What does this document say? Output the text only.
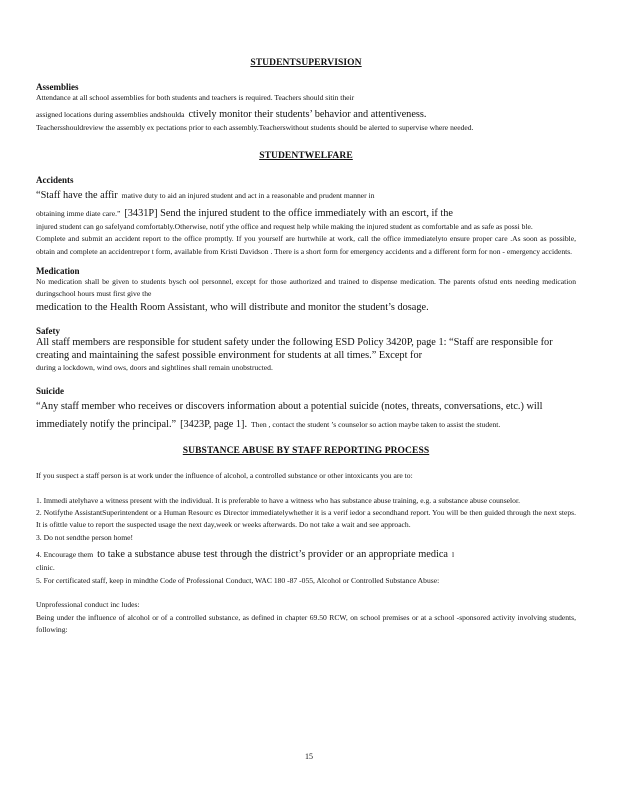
STUDENTSUPERVISION
Assemblies
Attendance at all school assemblies for both students and teachers is required. Teachers should sitin their
assigned locations during assemblies andshoulda ctively monitor their students’ behavior and attentiveness.
Teachersshouldreview the assembly ex pectations prior to each assembly.Teacherswithout students should be alerted to supervise where needed.
STUDENTWELFARE
Accidents
“Staff have the affir mative duty to aid an injured student and act in a reasonable and prudent manner in
obtaining imme diate care.” [3431P] Send the injured student to the office immediately with an escort, if the
injured student can go safelyand comfortably.Otherwise, notif ythe office and request help while making the injured student as comfortable and as safe as possi ble.
Complete and submit an accident report to the office promptly. If you yourself are hurtwhile at work, call the office immediatelyto ensure proper care .As soon as possible, obtain and complete an accidentrepor t form, available from Kristi Davidson . There is a short form for emergency accidents and a different form for non - emergency accidents.
Medication
No medication shall be given to students bysch ool personnel, except for those authorized and trained to dispense medication. The parents ofstud ents needing medication duringschool hours must first give the
medication to the Health Room Assistant, who will distribute and monitor the student’s dosage.
Safety
All staff members are responsible for student safety under the following ESD Policy 3420P, page 1: “Staff are responsible for creating and maintaining the safest possible environment for students at all times.” Except for
during a lockdown, wind ows, doors and sightlines shall remain unobstructed.
Suicide
“Any staff member who receives or discovers information about a potential suicide (notes, threats, conversations, etc.) will immediately notify the principal.” [3423P, page 1]. Then , contact the student ’s counselor so action maybe taken to assist the student.
SUBSTANCE ABUSE BY STAFF REPORTING PROCESS
If you suspect a staff person is at work under the influence of alcohol, a controlled substance or other intoxicants you are to:
1. Immedi atelyhave a witness present with the individual. It is preferable to have a witness who has substance abuse training, e.g. a substance abuse counselor.
2. Notifythe AssistantSuperintendent or a Human Resourc es Director immediatelywhether it is a verif iedor a secondhand report. You will be then guided through the next steps. It is ofittle value to report the suspected usage the next day,week or weeks afterwards. Do not take a wait and see approach.
3. Do not sendthe person home!
4. Encourage them to take a substance abuse test through the district’s provider or an appropriate medica l
clinic.
5. For certificated staff, keep in mindthe Code of Professional Conduct, WAC 180 -87 -055, Alcohol or Controlled Substance Abuse:
Unprofessional conduct inc ludes:
Being under the influence of alcohol or of a controlled substance, as defined in chapter 69.50 RCW, on school premises or at a school -sponsored activity involving students, following:
15
